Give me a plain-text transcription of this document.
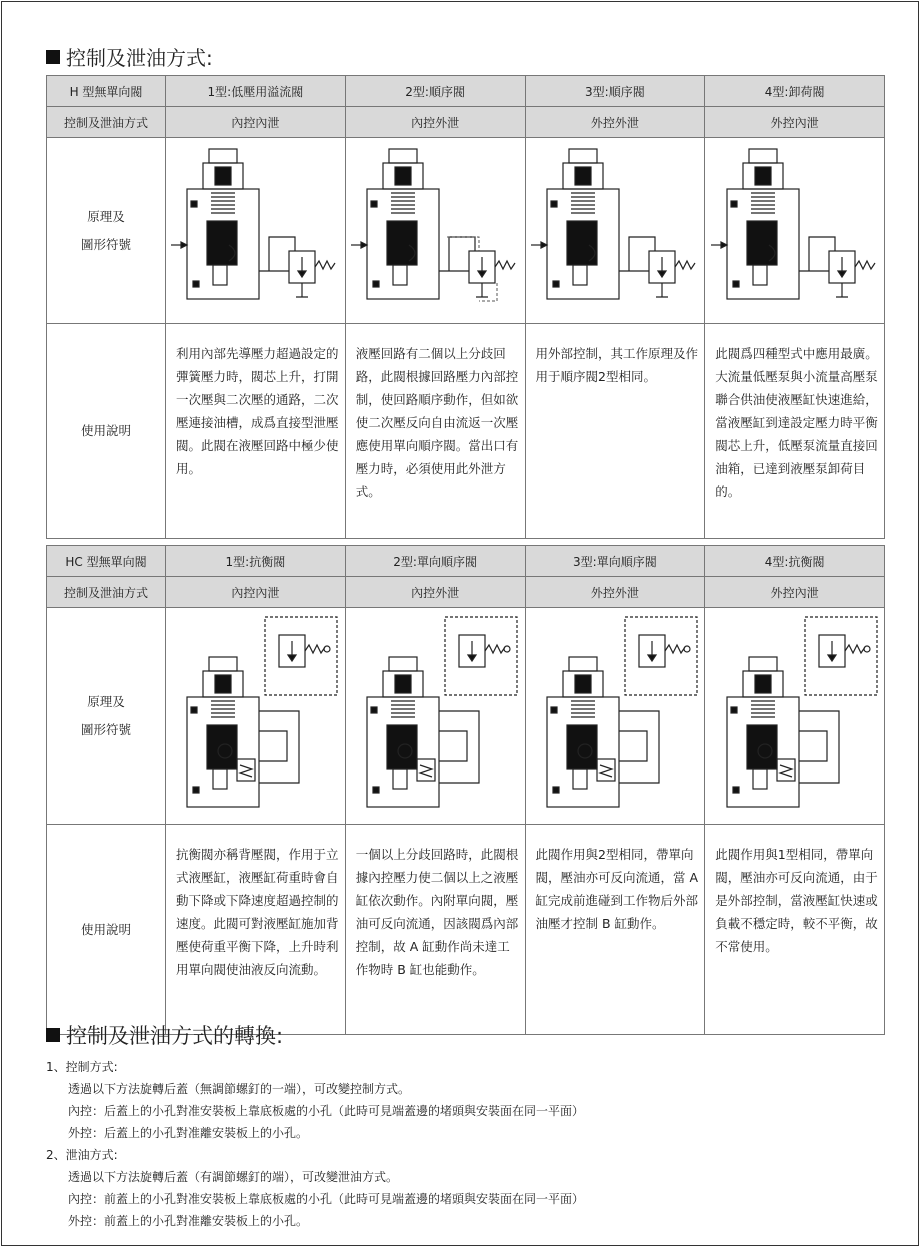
控制及泄油方式:
H 型無單向閥	1型:低壓用溢流閥	2型:順序閥	3型:順序閥	4型:卸荷閥
控制及泄油方式	內控內泄	內控外泄	外控外泄	外控內泄

原理及
圖形符號

使用說明	利用內部先導壓力超過設定的彈簧壓力時，閥芯上升，打開一次壓與二次壓的通路，二次壓連接油槽，成爲直接型泄壓閥。此閥在液壓回路中極少使用。	液壓回路有二個以上分歧回路，此閥根據回路壓力內部控制，使回路順序動作，但如欲使二次壓反向自由流返一次壓應使用單向順序閥。當出口有壓力時，必須使用此外泄方式。	用外部控制，其工作原理及作用于順序閥2型相同。	此閥爲四種型式中應用最廣。大流量低壓泵與小流量高壓泵聯合供油使液壓缸快速進給，當液壓缸到達設定壓力時平衡閥芯上升，低壓泵流量直接回油箱，已達到液壓泵卸荷目的。
HC 型無單向閥	1型:抗衡閥	2型:單向順序閥	3型:單向順序閥	4型:抗衡閥
控制及泄油方式	內控內泄	內控外泄	外控外泄	外控內泄

原理及
圖形符號

使用說明	抗衡閥亦稱背壓閥，作用于立式液壓缸，液壓缸荷重時會自動下降或下降速度超過控制的速度。此閥可對液壓缸施加背壓使荷重平衡下降，上升時利用單向閥使油液反向流動。	一個以上分歧回路時，此閥根據內控壓力使二個以上之液壓缸依次動作。內附單向閥，壓油可反向流通，因該閥爲內部控制，故 A 缸動作尚未達工作物時 B 缸也能動作。	此閥作用與2型相同，帶單向閥，壓油亦可反向流通，當 A 缸完成前進碰到工作物后外部油壓才控制 B 缸動作。	此閥作用與1型相同，帶單向閥，壓油亦可反向流通，由于是外部控制，當液壓缸快速或負載不穩定時，較不平衡，故不常使用。
控制及泄油方式的轉換:
1、控制方式:
透過以下方法旋轉后蓋（無調節螺釘的一端），可改變控制方式。
內控：后蓋上的小孔對准安裝板上靠底板處的小孔（此時可見端蓋邊的堵頭與安裝面在同一平面）
外控：后蓋上的小孔對准離安裝板上的小孔。
2、泄油方式:
透過以下方法旋轉后蓋（有調節螺釘的端），可改變泄油方式。
內控：前蓋上的小孔對准安裝板上靠底板處的小孔（此時可見端蓋邊的堵頭與安裝面在同一平面）
外控：前蓋上的小孔對准離安裝板上的小孔。
